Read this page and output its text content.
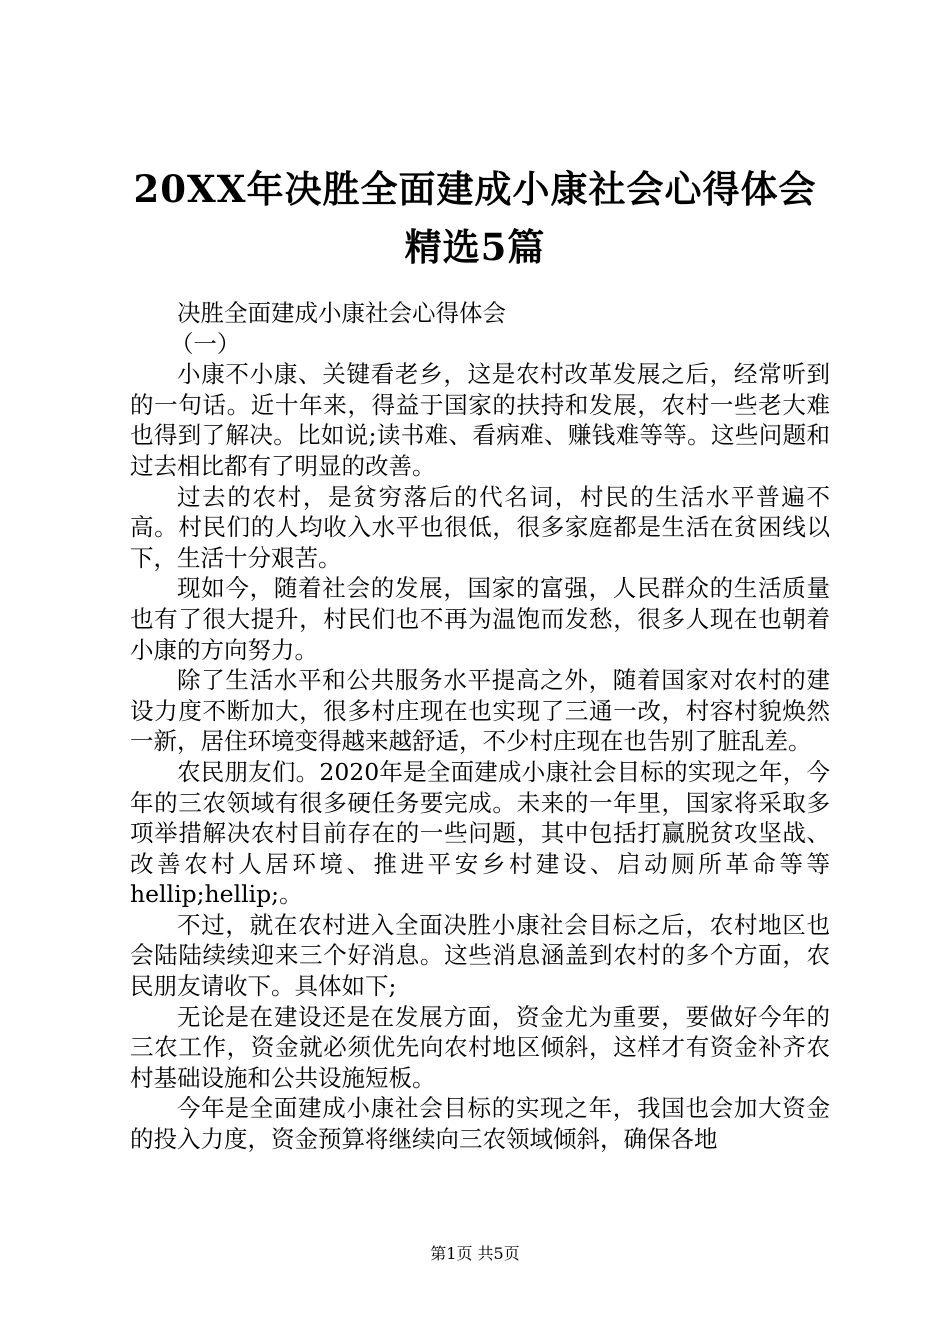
20XX年决胜全面建成小康社会心得体会精选5篇

决胜全面建成小康社会心得体会

（一）

小康不小康、关键看老乡，这是农村改革发展之后，经常听到的一句话。近十年来，得益于国家的扶持和发展，农村一些老大难也得到了解决。比如说;读书难、看病难、赚钱难等等。这些问题和过去相比都有了明显的改善。

过去的农村，是贫穷落后的代名词，村民的生活水平普遍不高。村民们的人均收入水平也很低，很多家庭都是生活在贫困线以下，生活十分艰苦。

现如今，随着社会的发展，国家的富强，人民群众的生活质量也有了很大提升，村民们也不再为温饱而发愁，很多人现在也朝着小康的方向努力。

除了生活水平和公共服务水平提高之外，随着国家对农村的建设力度不断加大，很多村庄现在也实现了三通一改，村容村貌焕然一新，居住环境变得越来越舒适，不少村庄现在也告别了脏乱差。

农民朋友们。2020年是全面建成小康社会目标的实现之年，今年的三农领域有很多硬任务要完成。未来的一年里，国家将采取多项举措解决农村目前存在的一些问题，其中包括打赢脱贫攻坚战、改善农村人居环境、推进平安乡村建设、启动厕所革命等等hellip;hellip;。

不过，就在农村进入全面决胜小康社会目标之后，农村地区也会陆陆续续迎来三个好消息。这些消息涵盖到农村的多个方面，农民朋友请收下。具体如下;

无论是在建设还是在发展方面，资金尤为重要，要做好今年的三农工作，资金就必须优先向农村地区倾斜，这样才有资金补齐农村基础设施和公共设施短板。

今年是全面建成小康社会目标的实现之年，我国也会加大资金的投入力度，资金预算将继续向三农领域倾斜，确保各地

第1页 共5页
